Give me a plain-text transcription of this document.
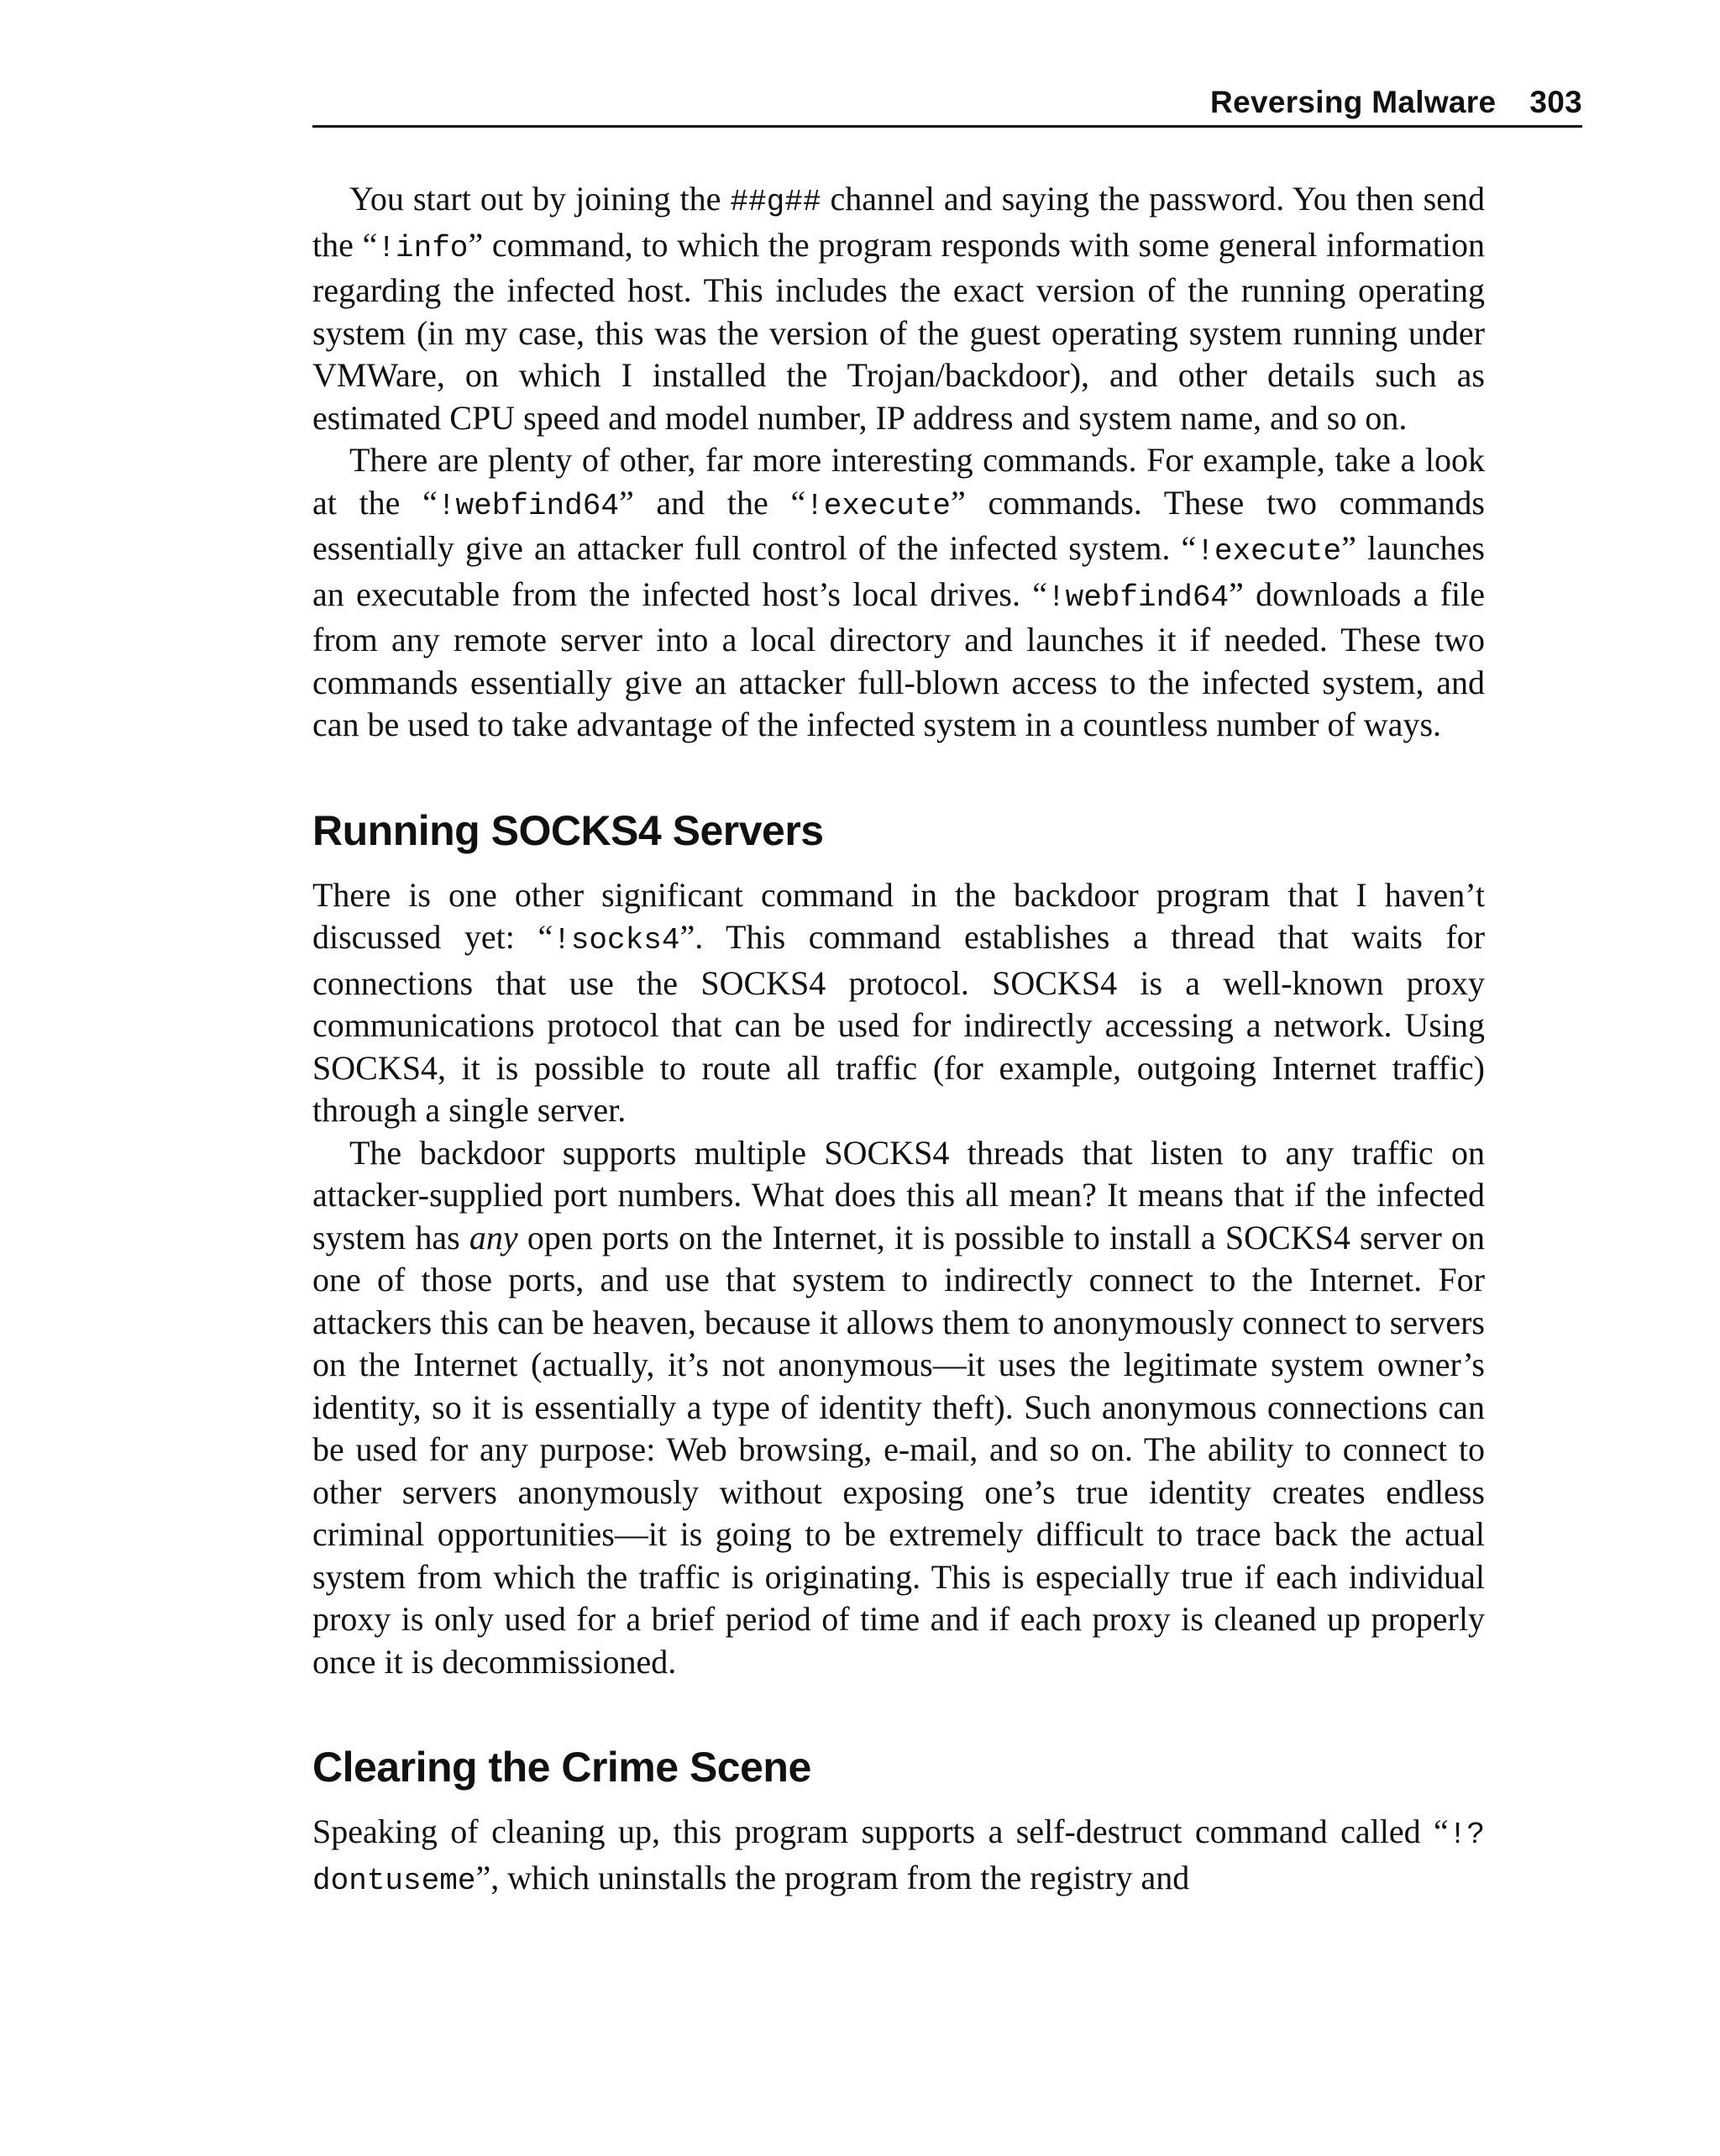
Reversing Malware 303

You start out by joining the ##g## channel and saying the password. You then send the “!info” command, to which the program responds with some general information regarding the infected host. This includes the exact version of the running operating system (in my case, this was the version of the guest operating system running under VMWare, on which I installed the Trojan/backdoor), and other details such as estimated CPU speed and model number, IP address and system name, and so on.

There are plenty of other, far more interesting commands. For example, take a look at the “!webfind64” and the “!execute” commands. These two commands essentially give an attacker full control of the infected system. “!execute” launches an executable from the infected host’s local drives. “!webfind64” downloads a file from any remote server into a local directory and launches it if needed. These two commands essentially give an attacker full-blown access to the infected system, and can be used to take advantage of the infected system in a countless number of ways.

Running SOCKS4 Servers

There is one other significant command in the backdoor program that I haven’t discussed yet: “!socks4”. This command establishes a thread that waits for connections that use the SOCKS4 protocol. SOCKS4 is a well-known proxy communications protocol that can be used for indirectly accessing a network. Using SOCKS4, it is possible to route all traffic (for example, outgoing Internet traffic) through a single server.

The backdoor supports multiple SOCKS4 threads that listen to any traffic on attacker-supplied port numbers. What does this all mean? It means that if the infected system has any open ports on the Internet, it is possible to install a SOCKS4 server on one of those ports, and use that system to indirectly connect to the Internet. For attackers this can be heaven, because it allows them to anonymously connect to servers on the Internet (actually, it’s not anonymous—it uses the legitimate system owner’s identity, so it is essentially a type of identity theft). Such anonymous connections can be used for any purpose: Web browsing, e-mail, and so on. The ability to connect to other servers anonymously without exposing one’s true identity creates endless criminal opportunities—it is going to be extremely difficult to trace back the actual system from which the traffic is originating. This is especially true if each individual proxy is only used for a brief period of time and if each proxy is cleaned up properly once it is decommissioned.

Clearing the Crime Scene

Speaking of cleaning up, this program supports a self-destruct command called “!?dontuseme”, which uninstalls the program from the registry and
